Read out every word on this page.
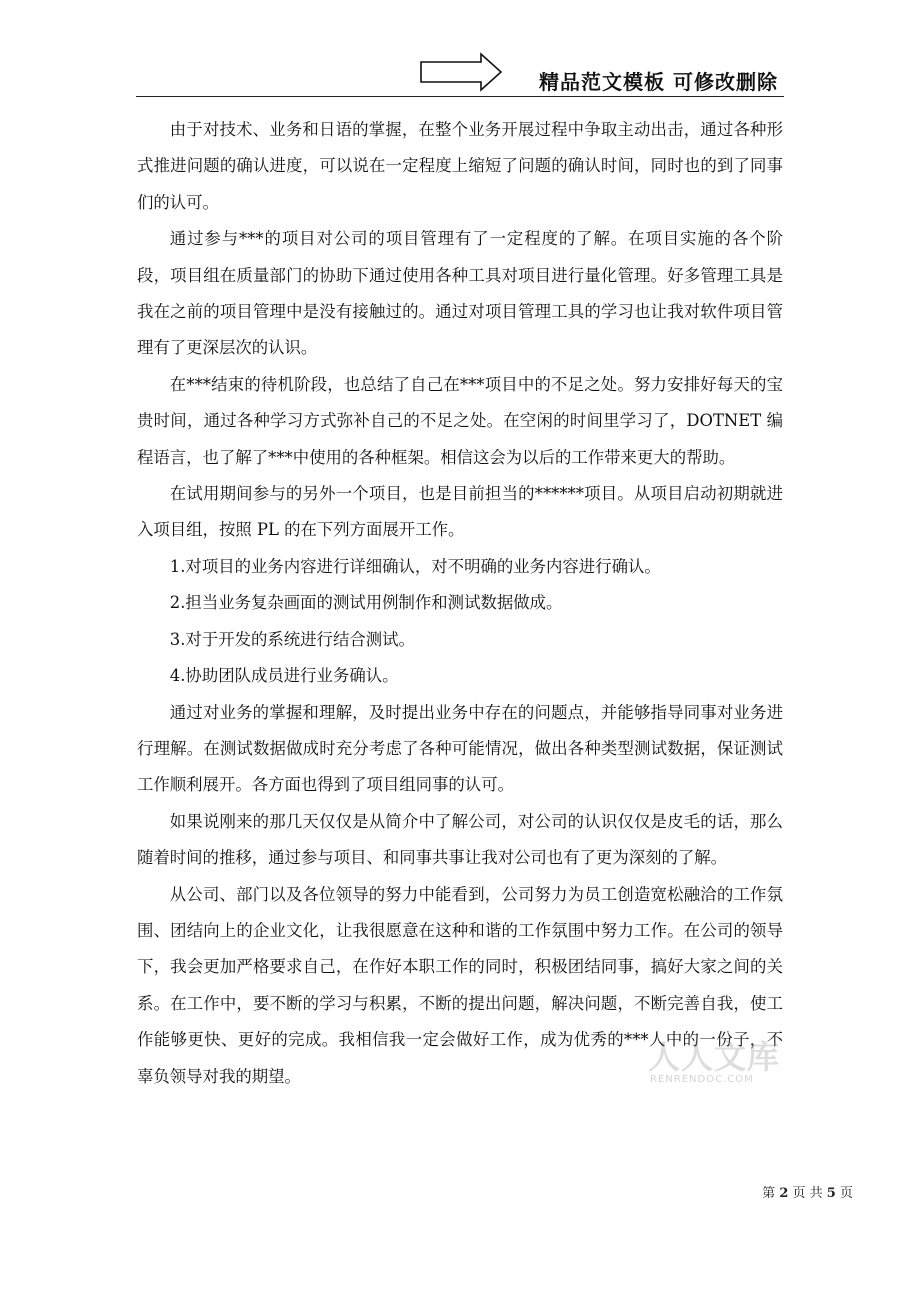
精品范文模板 可修改删除

由于对技术、业务和日语的掌握，在整个业务开展过程中争取主动出击，通过各种形式推进问题的确认进度，可以说在一定程度上缩短了问题的确认时间，同时也的到了同事们的认可。

通过参与***的项目对公司的项目管理有了一定程度的了解。在项目实施的各个阶段，项目组在质量部门的协助下通过使用各种工具对项目进行量化管理。好多管理工具是我在之前的项目管理中是没有接触过的。通过对项目管理工具的学习也让我对软件项目管理有了更深层次的认识。

在***结束的待机阶段，也总结了自己在***项目中的不足之处。努力安排好每天的宝贵时间，通过各种学习方式弥补自己的不足之处。在空闲的时间里学习了，DOTNET 编程语言，也了解了***中使用的各种框架。相信这会为以后的工作带来更大的帮助。

在试用期间参与的另外一个项目，也是目前担当的******项目。从项目启动初期就进入项目组，按照 PL 的在下列方面展开工作。

1.对项目的业务内容进行详细确认，对不明确的业务内容进行确认。

2.担当业务复杂画面的测试用例制作和测试数据做成。

3.对于开发的系统进行结合测试。

4.协助团队成员进行业务确认。

通过对业务的掌握和理解，及时提出业务中存在的问题点，并能够指导同事对业务进行理解。在测试数据做成时充分考虑了各种可能情况，做出各种类型测试数据，保证测试工作顺利展开。各方面也得到了项目组同事的认可。

如果说刚来的那几天仅仅是从简介中了解公司，对公司的认识仅仅是皮毛的话，那么随着时间的推移，通过参与项目、和同事共事让我对公司也有了更为深刻的了解。

从公司、部门以及各位领导的努力中能看到，公司努力为员工创造宽松融洽的工作氛围、团结向上的企业文化，让我很愿意在这种和谐的工作氛围中努力工作。在公司的领导下，我会更加严格要求自己，在作好本职工作的同时，积极团结同事，搞好大家之间的关系。在工作中，要不断的学习与积累，不断的提出问题，解决问题，不断完善自我，使工作能够更快、更好的完成。我相信我一定会做好工作，成为优秀的***人中的一份子，不辜负领导对我的期望。

人人文库
RENRENDOC.COM
第 2 页 共 5 页
